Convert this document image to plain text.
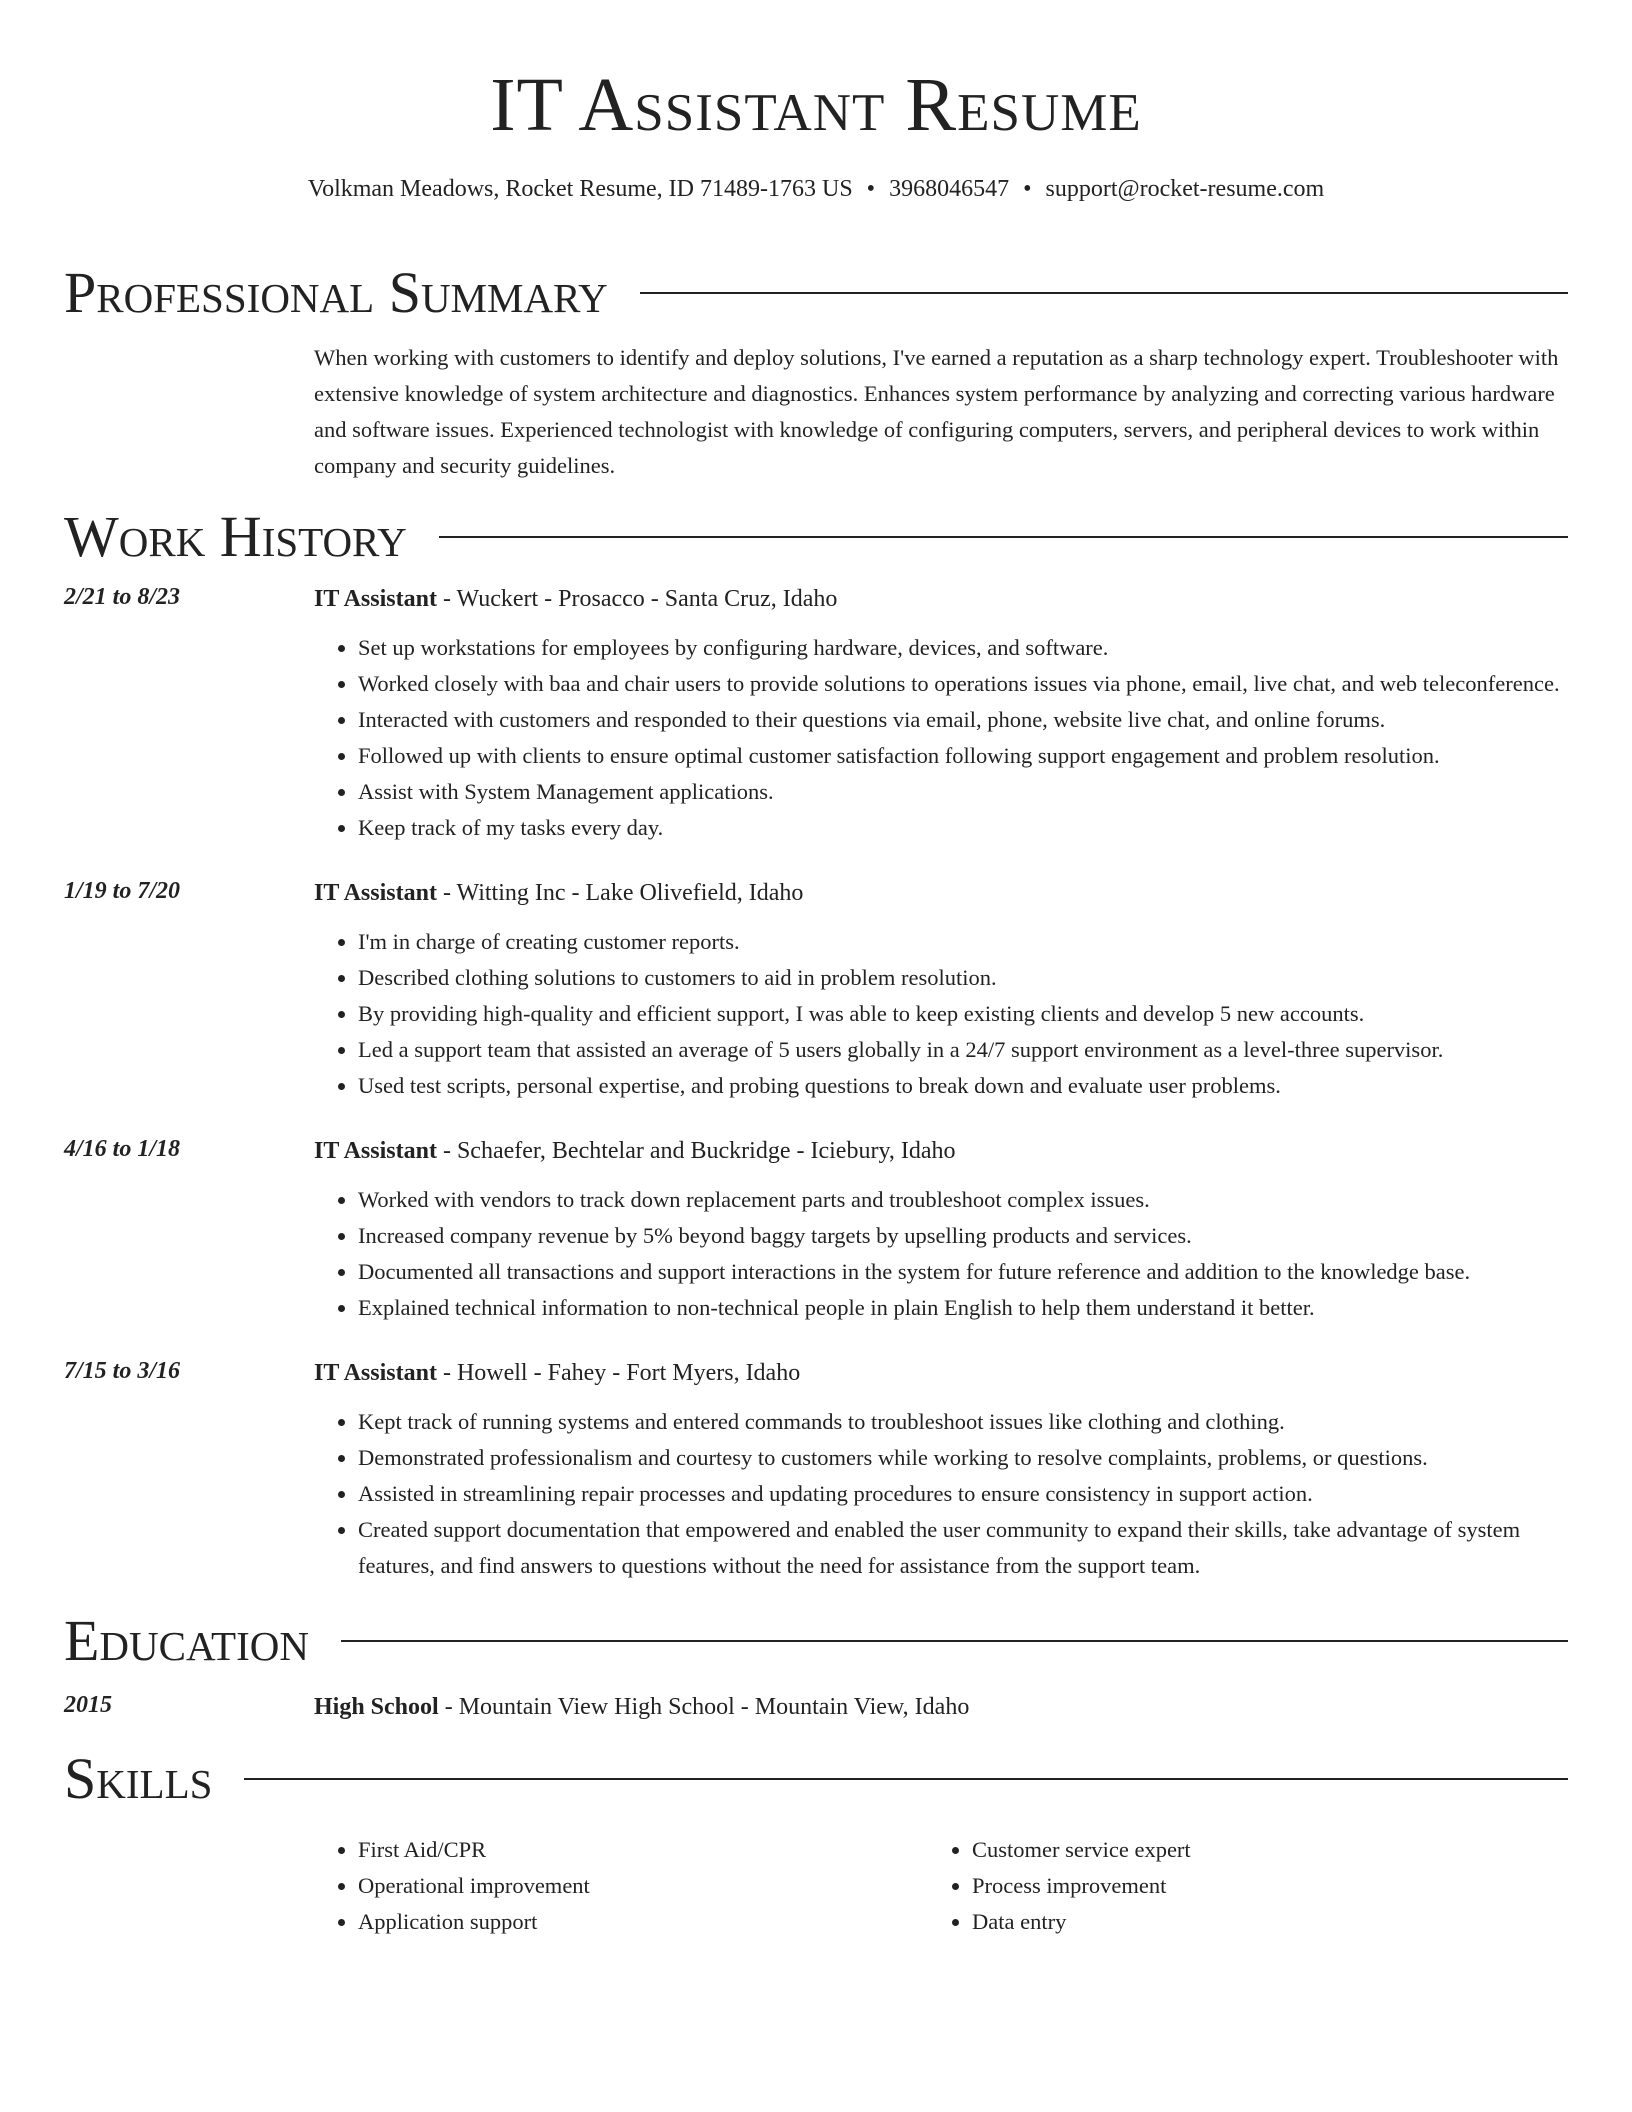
IT Assistant Resume
Volkman Meadows, Rocket Resume, ID 71489-1763 US • 3968046547 • support@rocket-resume.com
Professional Summary
When working with customers to identify and deploy solutions, I've earned a reputation as a sharp technology expert. Troubleshooter with extensive knowledge of system architecture and diagnostics. Enhances system performance by analyzing and correcting various hardware and software issues. Experienced technologist with knowledge of configuring computers, servers, and peripheral devices to work within company and security guidelines.
Work History
2/21 to 8/23	IT Assistant - Wuckert - Prosacco - Santa Cruz, Idaho
• Set up workstations for employees by configuring hardware, devices, and software.
• Worked closely with baa and chair users to provide solutions to operations issues via phone, email, live chat, and web teleconference.
• Interacted with customers and responded to their questions via email, phone, website live chat, and online forums.
• Followed up with clients to ensure optimal customer satisfaction following support engagement and problem resolution.
• Assist with System Management applications.
• Keep track of my tasks every day.
1/19 to 7/20	IT Assistant - Witting Inc - Lake Olivefield, Idaho
• I'm in charge of creating customer reports.
• Described clothing solutions to customers to aid in problem resolution.
• By providing high-quality and efficient support, I was able to keep existing clients and develop 5 new accounts.
• Led a support team that assisted an average of 5 users globally in a 24/7 support environment as a level-three supervisor.
• Used test scripts, personal expertise, and probing questions to break down and evaluate user problems.
4/16 to 1/18	IT Assistant - Schaefer, Bechtelar and Buckridge - Iciebury, Idaho
• Worked with vendors to track down replacement parts and troubleshoot complex issues.
• Increased company revenue by 5% beyond baggy targets by upselling products and services.
• Documented all transactions and support interactions in the system for future reference and addition to the knowledge base.
• Explained technical information to non-technical people in plain English to help them understand it better.
7/15 to 3/16	IT Assistant - Howell - Fahey - Fort Myers, Idaho
• Kept track of running systems and entered commands to troubleshoot issues like clothing and clothing.
• Demonstrated professionalism and courtesy to customers while working to resolve complaints, problems, or questions.
• Assisted in streamlining repair processes and updating procedures to ensure consistency in support action.
• Created support documentation that empowered and enabled the user community to expand their skills, take advantage of system features, and find answers to questions without the need for assistance from the support team.
Education
2015	High School - Mountain View High School - Mountain View, Idaho
Skills
• First Aid/CPR
• Operational improvement
• Application support
• Customer service expert
• Process improvement
• Data entry
